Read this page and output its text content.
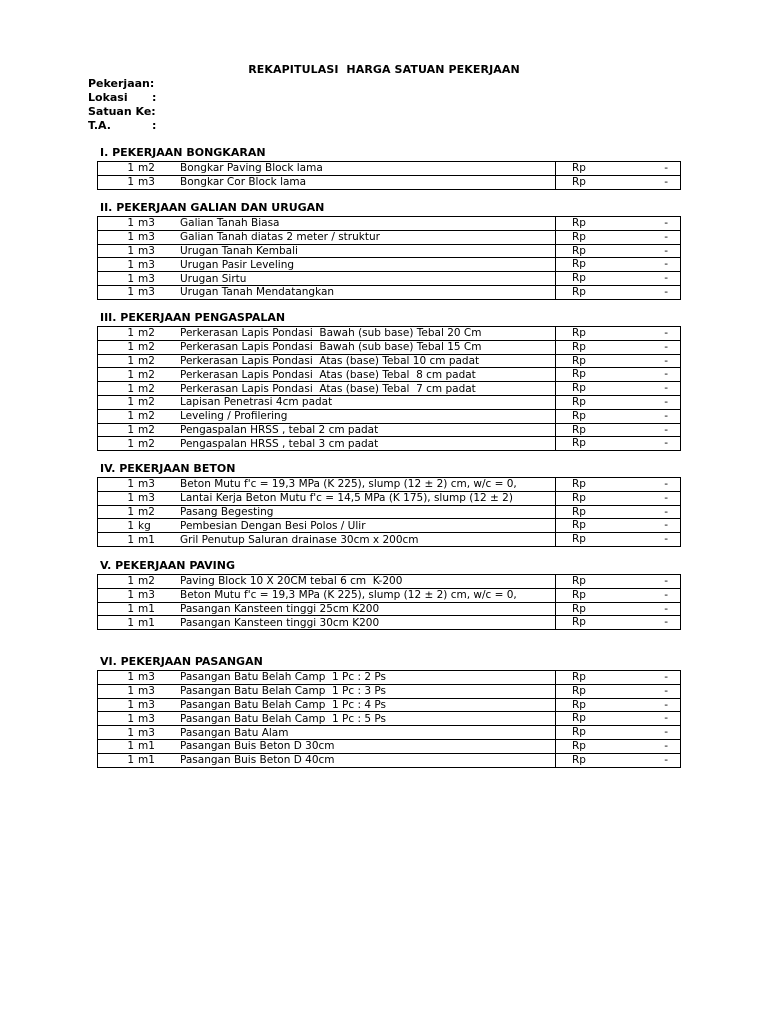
REKAPITULASI  HARGA SATUAN PEKERJAAN
Pekerjaan:
Lokasi :
Satuan Ke:
T.A.	:
I. PEKERJAAN BONGKARAN
1 m2 Bongkar Paving Block lama	Rp -

1 m3 Bongkar Cor Block lama	Rp -
II. PEKERJAAN GALIAN DAN URUGAN
1 m3 Galian Tanah Biasa	Rp -

1 m3 Galian Tanah diatas 2 meter / struktur	Rp -

1 m3 Urugan Tanah Kembali	Rp -

1 m3 Urugan Pasir Leveling	Rp -

1 m3 Urugan Sirtu	Rp -

1 m3 Urugan Tanah Mendatangkan	Rp -
III. PEKERJAAN PENGASPALAN
1 m2 Perkerasan Lapis Pondasi  Bawah (sub base) Tebal 20 Cm	Rp -

1 m2 Perkerasan Lapis Pondasi  Bawah (sub base) Tebal 15 Cm	Rp -

1 m2 Perkerasan Lapis Pondasi  Atas (base) Tebal 10 cm padat	Rp -

1 m2 Perkerasan Lapis Pondasi  Atas (base) Tebal  8 cm padat	Rp -

1 m2 Perkerasan Lapis Pondasi  Atas (base) Tebal  7 cm padat	Rp -

1 m2 Lapisan Penetrasi 4cm padat	Rp -

1 m2 Leveling / Profilering	Rp -

1 m2 Pengaspalan HRSS , tebal 2 cm padat	Rp -

1 m2 Pengaspalan HRSS , tebal 3 cm padat	Rp -
IV. PEKERJAAN BETON
1 m3 Beton Mutu f'c = 19,3 MPa (K 225), slump (12 ± 2) cm, w/c = 0,	Rp -

1 m3 Lantai Kerja Beton Mutu f'c = 14,5 MPa (K 175), slump (12 ± 2)	Rp -

1 m2 Pasang Begesting	Rp -

1 kg Pembesian Dengan Besi Polos / Ulir	Rp -

1 m1 Gril Penutup Saluran drainase 30cm x 200cm	Rp -
V. PEKERJAAN PAVING
1 m2 Paving Block 10 X 20CM tebal 6 cm  K-200	Rp -

1 m3 Beton Mutu f'c = 19,3 MPa (K 225), slump (12 ± 2) cm, w/c = 0,	Rp -

1 m1 Pasangan Kansteen tinggi 25cm K200	Rp -

1 m1 Pasangan Kansteen tinggi 30cm K200	Rp -
VI. PEKERJAAN PASANGAN
1 m3 Pasangan Batu Belah Camp  1 Pc : 2 Ps	Rp -

1 m3 Pasangan Batu Belah Camp  1 Pc : 3 Ps	Rp -

1 m3 Pasangan Batu Belah Camp  1 Pc : 4 Ps	Rp -

1 m3 Pasangan Batu Belah Camp  1 Pc : 5 Ps	Rp -

1 m3 Pasangan Batu Alam	Rp -

1 m1 Pasangan Buis Beton D 30cm	Rp -

1 m1 Pasangan Buis Beton D 40cm	Rp -
